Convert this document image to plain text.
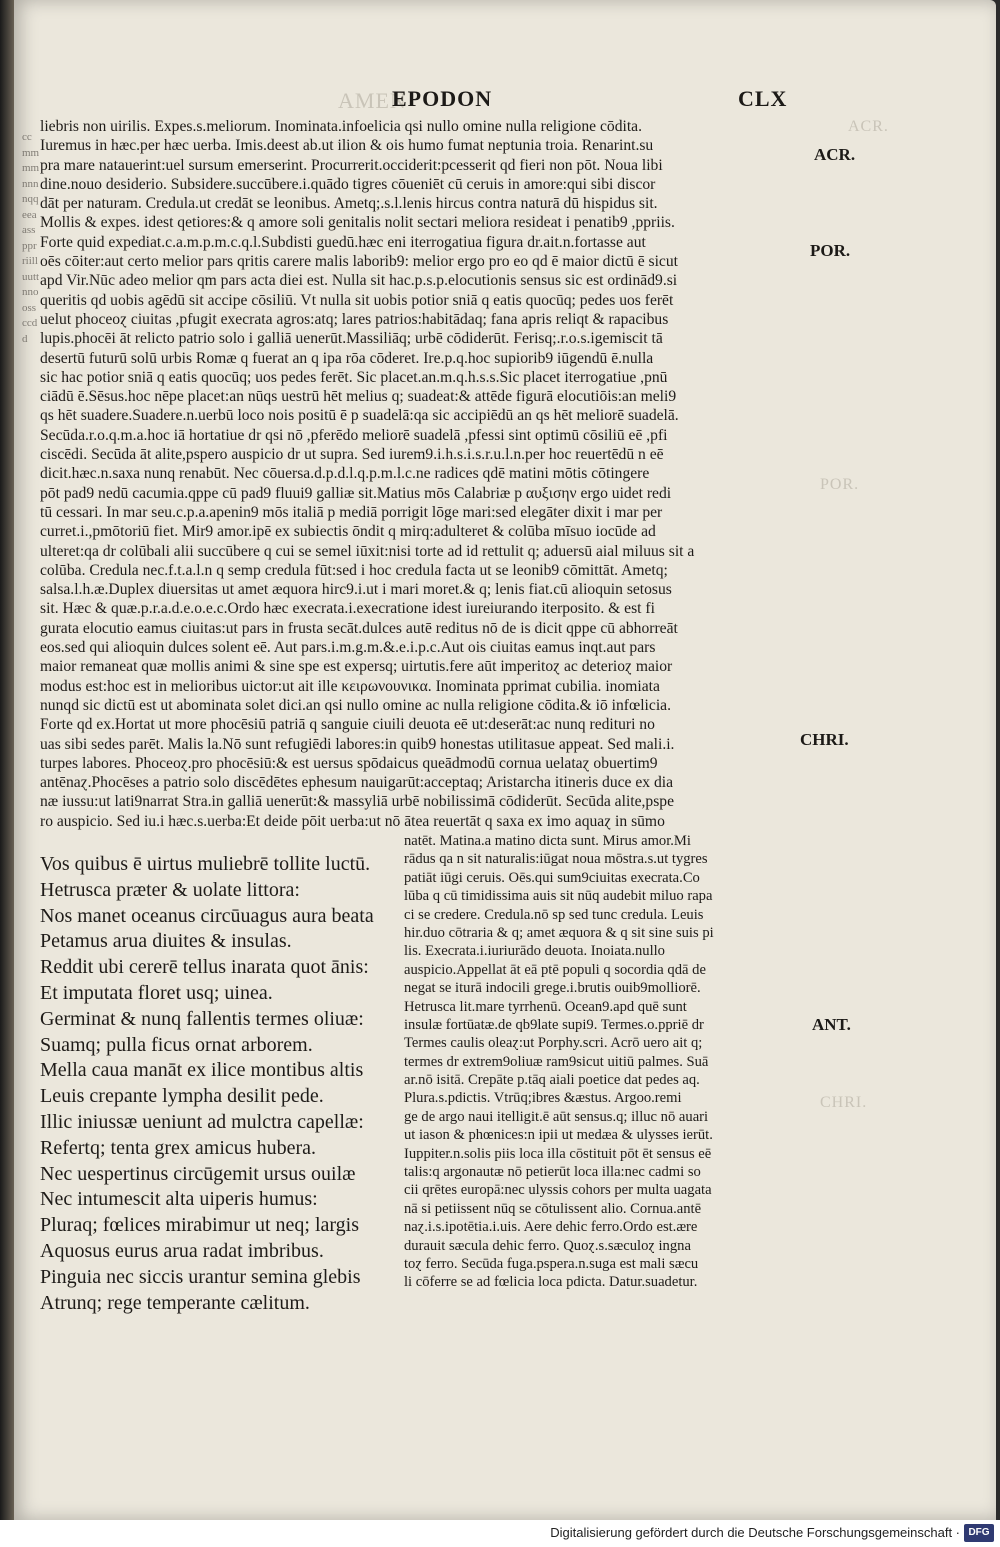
ccmmmmnnnnqqeeaasspprriilluuttnnoossccdd
AMEN
ACR.
POR.
CHRI.
EPODON	CLX
ACR.
POR.
CHRI.
ANT.
liebris non uirilis. Expes.s.meliorum. Inominata.infoelicia qsi nullo omine nulla religione cōdita.
Iuremus in hæc.per hæc uerba. Imis.deest ab.ut ilion & ois humo fumat neptunia troia. Renarint.su
pra mare natauerint:uel sursum emerserint. Procurrerit.occiderit:pcesserit qd fieri non pōt. Noua libi
dine.nouo desiderio. Subsidere.succūbere.i.quādo tigres cōueniēt cū ceruis in amore:qui sibi discor
dāt per naturam. Credula.ut credāt se leonibus. Ametq;.s.l.lenis hircus contra naturā dū hispidus sit.
Mollis & expes. idest qetiores:& q amore soli genitalis nolit sectari meliora resideat i penatib9 ,ppriis.
Forte quid expediat.c.a.m.p.m.c.q.l.Subdisti guedū.hæc eni iterrogatiua figura dr.ait.n.fortasse aut
oēs cōiter:aut certo melior pars qritis carere malis laborib9: melior ergo pro eo qd ē maior dictū ē sicut
apd Vir.Nūc adeo melior qm pars acta diei est. Nulla sit hac.p.s.p.elocutionis sensus sic est ordinād9.si
queritis qd uobis agēdū sit accipe cōsiliū. Vt nulla sit uobis potior sniā q eatis quocūq; pedes uos ferēt
uelut phoceoɀ ciuitas ,pfugit execrata agros:atq; lares patrios:habitādaq; fana apris reliqt & rapacibus
lupis.phocēi āt relicto patrio solo i galliā uenerūt.Massiliāq; urbē cōdiderūt. Ferisq;.r.o.s.igemiscit tā
desertū futurū solū urbis Romæ q fuerat an q ipa rōa cōderet. Ire.p.q.hoc supiorib9 iūgendū ē.nulla
sic hac potior sniā q eatis quocūq; uos pedes ferēt. Sic placet.an.m.q.h.s.s.Sic placet iterrogatiue ,pnū
ciādū ē.Sēsus.hoc nēpe placet:an nūqs uestrū hēt melius q; suadeat:& attēde figurā elocutiōis:an meli9
qs hēt suadere.Suadere.n.uerbū loco nois positū ē p suadelā:qa sic accipiēdū an qs hēt meliorē suadelā.
Secūda.r.o.q.m.a.hoc iā hortatiue dr qsi nō ,pferēdo meliorē suadelā ,pfessi sint optimū cōsiliū eē ,pfi
ciscēdi. Secūda āt alite,pspero auspicio dr ut supra. Sed iurem9.i.h.s.i.s.r.u.l.n.per hoc reuertēdū n eē
dicit.hæc.n.saxa nunq renabūt. Nec cōuersa.d.p.d.l.q.p.m.l.c.ne radices qdē matini mōtis cōtingere
pōt pad9 nedū cacumia.qppe cū pad9 fluui9 galliæ sit.Matius mōs Calabriæ p αυξισην ergo uidet redi
tū cessari. In mar seu.c.p.a.apenin9 mōs italiā p mediā porrigit lōge mari:sed elegāter dixit i mar per
curret.i.,pmōtoriū fiet. Mir9 amor.ipē ex subiectis ōndit q mirq:adulteret & colūba mīsuo iocūde ad
ulteret:qa dr colūbali alii succūbere q cui se semel iūxit:nisi torte ad id rettulit q; aduersū aial miluus sit a
colūba. Credula nec.f.t.a.l.n q semp credula fūt:sed i hoc credula facta ut se leonib9 cōmittāt. Ametq;
salsa.l.h.æ.Duplex diuersitas ut amet æquora hirc9.i.ut i mari moret.& q; lenis fiat.cū alioquin setosus
sit. Hæc & quæ.p.r.a.d.e.o.e.c.Ordo hæc execrata.i.execratione idest iureiurando iterposito. & est fi
gurata elocutio eamus ciuitas:ut pars in frusta secāt.dulces autē reditus nō de is dicit qppe cū abhorreāt
eos.sed qui alioquin dulces solent eē. Aut pars.i.m.g.m.&.e.i.p.c.Aut ois ciuitas eamus inqt.aut pars
maior remaneat quæ mollis animi & sine spe est expersq; uirtutis.fere aūt imperitoɀ ac deterioɀ maior
modus est:hoc est in melioribus uictor:ut ait ille κειρωνουνικα. Inominata pprimat cubilia. inomiata
nunqd sic dictū est ut abominata solet dici.an qsi nullo omine ac nulla religione cōdita.& iō infœlicia.
Forte qd ex.Hortat ut more phocēsiū patriā q sanguie ciuili deuota eē ut:deserāt:ac nunq redituri no
uas sibi sedes parēt. Malis la.Nō sunt refugiēdi labores:in quib9 honestas utilitasue appeat. Sed mali.i.
turpes labores. Phoceoɀ.pro phocēsiū:& est uersus spōdaicus queādmodū cornua uelataɀ obuertim9
antēnaɀ.Phocēses a patrio solo discēdētes ephesum nauigarūt:acceptaq; Aristarcha itineris duce ex dia
næ iussu:ut lati9narrat Stra.in galliā uenerūt:& massyliā urbē nobilissimā cōdiderūt. Secūda alite,pspe
ro auspicio. Sed iu.i hæc.s.uerba:Et deide pōit uerba:ut nō ātea reuertāt q saxa ex imo aquaɀ in sūmo
Vos quibus ē uirtus muliebrē tollite luctū.
Hetrusca præter & uolate littora:
Nos manet oceanus circūuagus aura beata
Petamus arua diuites & insulas.
Reddit ubi cererē tellus inarata quot ānis:
Et imputata floret usq; uinea.
Germinat & nunq fallentis termes oliuæ:
Suamq; pulla ficus ornat arborem.
Mella caua manāt ex ilice montibus altis
Leuis crepante lympha desilit pede.
Illic iniussæ ueniunt ad mulctra capellæ:
Refertq; tenta grex amicus hubera.
Nec uespertinus circūgemit ursus ouilæ
Nec intumescit alta uiperis humus:
Pluraq; fœlices mirabimur ut neq; largis
Aquosus eurus arua radat imbribus.
Pinguia nec siccis urantur semina glebis
Atrunq; rege temperante cælitum.
natēt. Matina.a matino dicta sunt. Mirus amor.Mi
rādus qa n sit naturalis:iūgat noua mōstra.s.ut tygres
patiāt iūgi ceruis. Oēs.qui sum9ciuitas execrata.Co
lūba q cū timidissima auis sit nūq audebit miluo rapa
ci se credere. Credula.nō sp sed tunc credula. Leuis
hir.duo cōtraria & q; amet æquora & q sit sine suis pi
lis. Execrata.i.iuriurādo deuota. Inoiata.nullo
auspicio.Appellat āt eā ptē populi q socordia qdā de
negat se iturā indocili grege.i.brutis ouib9molliorē.
Hetrusca lit.mare tyrrhenū. Ocean9.apd quē sunt
insulæ fortūatæ.de qb9late supi9. Termes.o.ppriē dr
Termes caulis oleaɀ:ut Porphy.scri. Acrō uero ait q;
termes dr extrem9oliuæ ram9sicut uitiū palmes. Suā
ar.nō isitā. Crepāte p.tāq aiali poetice dat pedes aq.
Plura.s.pdictis. Vtrūq;ibres &æstus. Argoo.remi
ge de argo naui itelligit.ē aūt sensus.q; illuc nō auari
ut iason & phœnices:n ipii ut medæa & ulysses ierūt.
Iuppiter.n.solis piis loca illa cōstituit pōt ēt sensus eē
talis:q argonautæ nō petierūt loca illa:nec cadmi so
cii qrētes europā:nec ulyssis cohors per multa uagata
nā si petiissent nūq se cōtulissent alio. Cornua.antē
naɀ.i.s.ipotētia.i.uis. Aere dehic ferro.Ordo est.ære
durauit sæcula dehic ferro. Quoɀ.s.sæculoɀ ingna
toɀ ferro. Secūda fuga.pspera.n.suga est mali sæcu
li cōferre se ad fœlicia loca pdicta. Datur.suadetur.
Digitalisierung gefördert durch die Deutsche Forschungsgemeinschaft · DFG
